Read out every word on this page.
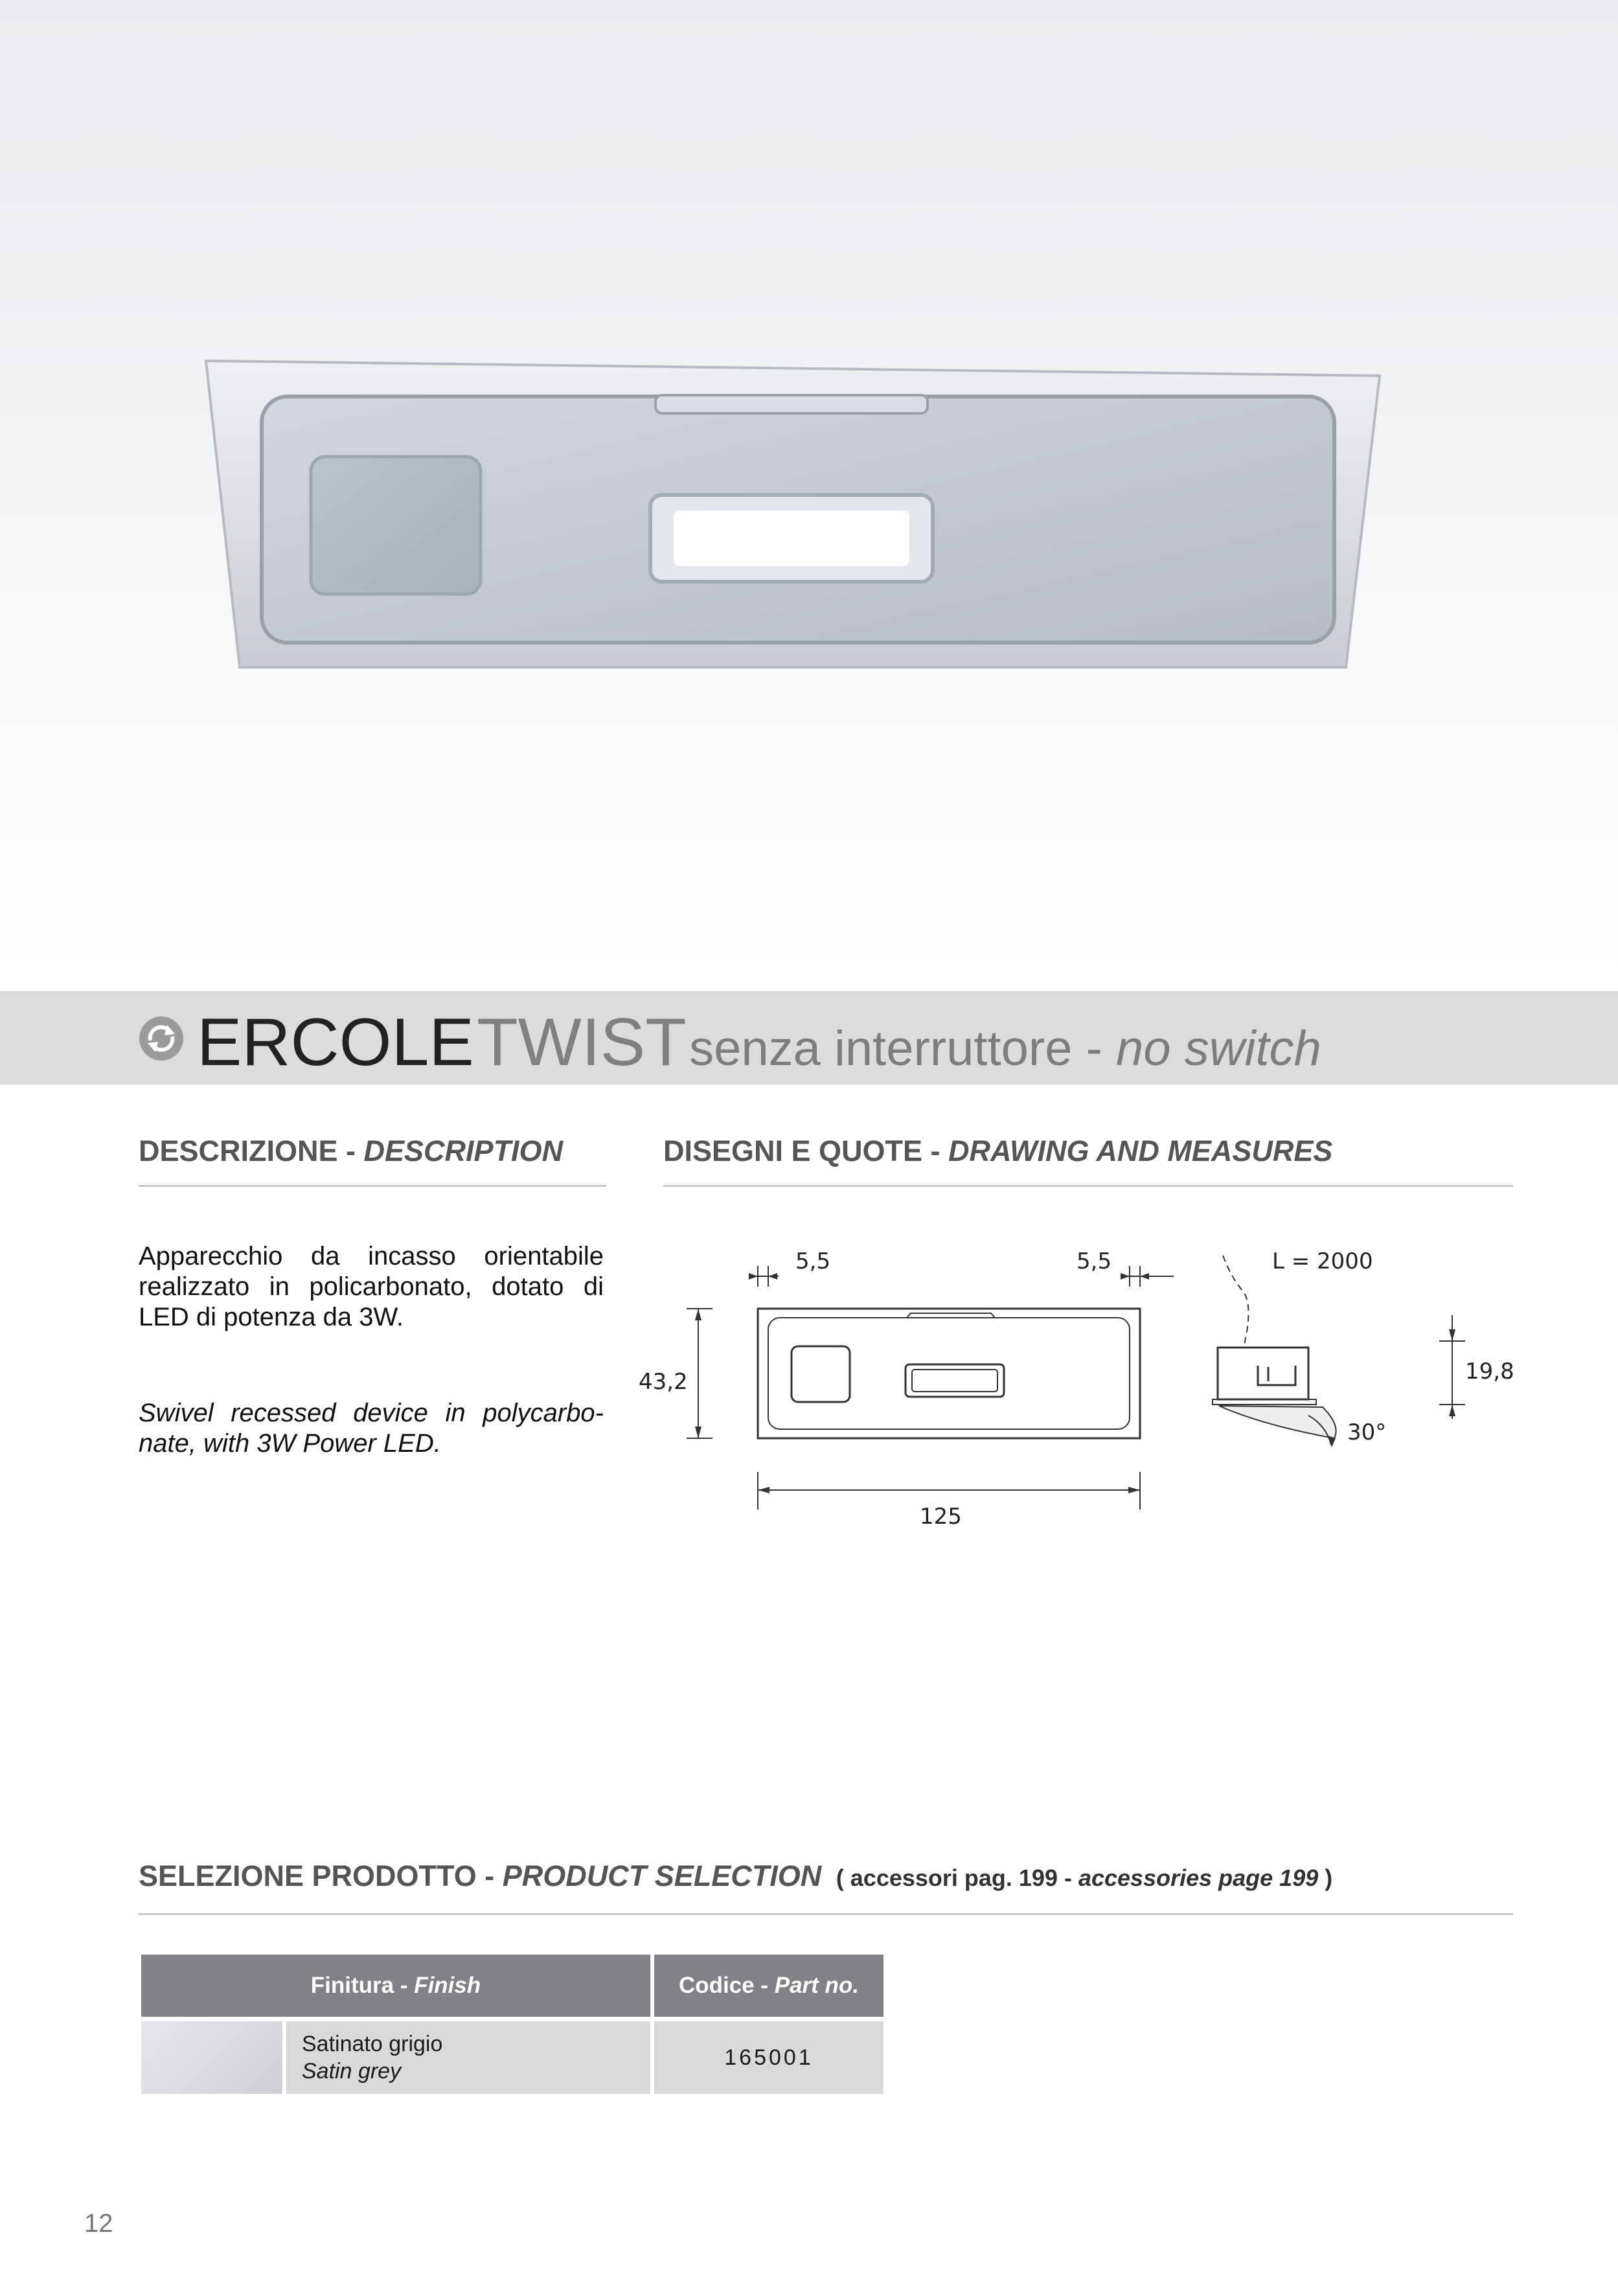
ERCOLE TWIST senza interruttore - no switch
DESCRIZIONE - DESCRIPTION
Apparecchio da incasso orientabile
realizzato in policarbonato, dotato di
LED di potenza da 3W.
Swivel recessed device in polycarbo-
nate, with 3W Power LED.
DISEGNI E QUOTE - DRAWING AND MEASURES
5,5	5,5
43,2
125
L = 2000
30°
19,8
SELEZIONE PRODOTTO - PRODUCT SELECTION ( accessori pag. 199 - accessories page 199 )
Finitura -
Finish	Codice -
Part no.
Satinato grigio
Satin grey
165001
12
